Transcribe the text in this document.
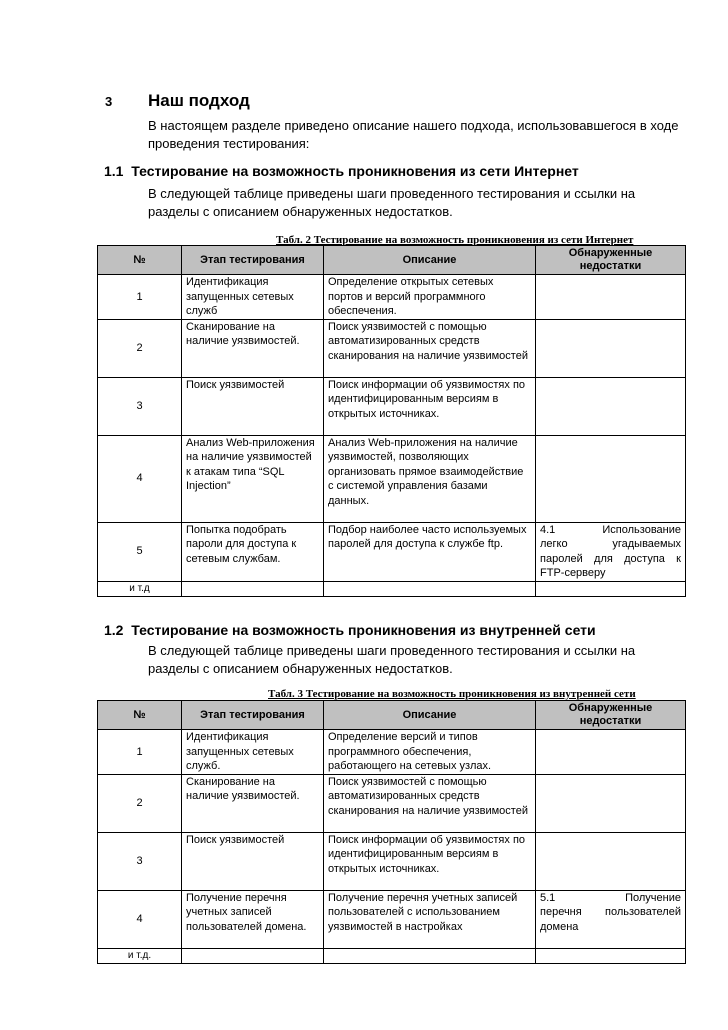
3 Наш подход
В настоящем разделе приведено описание нашего подхода, использовавшегося в ходе проведения тестирования:
1.1 Тестирование на возможность проникновения из сети Интернет
В следующей таблице приведены шаги проведенного тестирования и ссылки на разделы с описанием обнаруженных недостатков.
Табл. 2 Тестирование на возможность проникновения из сети Интернет
№	Этап тестирования	Описание	Обнаруженные недостатки
1	Идентификация запущенных сетевых служб	Определение открытых сетевых портов и версий программного обеспечения.	
2	Сканирование на наличие уязвимостей.	Поиск уязвимостей с помощью автоматизированных средств сканирования на наличие уязвимостей	
3	Поиск уязвимостей	Поиск информации об уязвимостях по идентифицированным версиям в открытых источниках.	
4	Анализ Web-приложения на наличие уязвимостей к атакам типа “SQL Injection”	Анализ Web-приложения на наличие уязвимостей, позволяющих организовать прямое взаимодействие с системой управления базами данных.	
5	Попытка подобрать пароли для доступа к сетевым службам.	Подбор наиболее часто используемых паролей для доступа к службе ftp.	4.1 Использование
легко угадываемых паролей для доступа к FTP-серверу

и т.д			
1.2 Тестирование на возможность проникновения из внутренней сети
В следующей таблице приведены шаги проведенного тестирования и ссылки на разделы с описанием обнаруженных недостатков.
Табл. 3 Тестирование на возможность проникновения из внутренней сети
№	Этап тестирования	Описание	Обнаруженные недостатки
1	Идентификация запущенных сетевых служб.	Определение версий и типов программного обеспечения, работающего на сетевых узлах.	
2	Сканирование на наличие уязвимостей.	Поиск уязвимостей с помощью автоматизированных средств сканирования на наличие уязвимостей	
3	Поиск уязвимостей	Поиск информации об уязвимостях по идентифицированным версиям в открытых источниках.	
4	Получение перечня учетных записей пользователей домена.	Получение перечня учетных записей пользователей с использованием уязвимостей в настройках	5.1 Получение
перечня пользователей домена

и т.д.			
